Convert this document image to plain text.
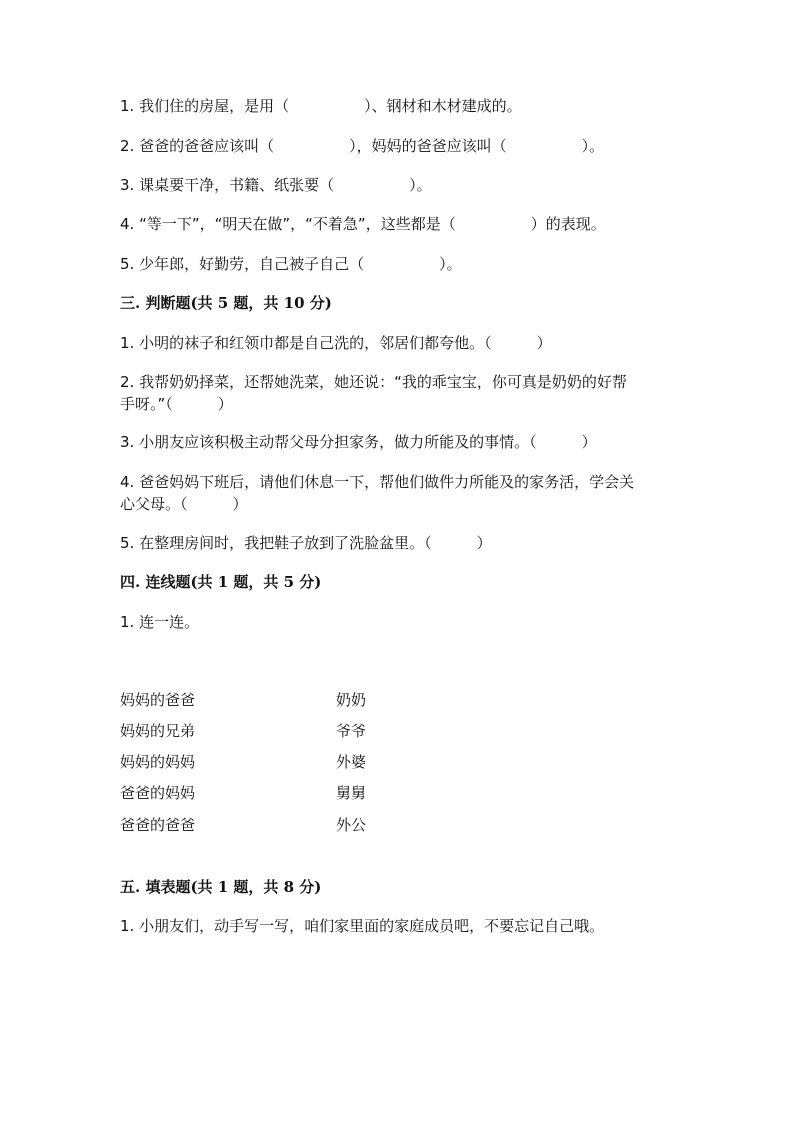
1. 我们住的房屋，是用（　　　　　）、钢材和木材建成的。
2. 爸爸的爸爸应该叫（　　　　　），妈妈的爸爸应该叫（　　　　　）。
3. 课桌要干净，书籍、纸张要（　　　　　）。
4. “等一下”，“明天在做”，“不着急”，这些都是（　　　　　）的表现。
5. 少年郎，好勤劳，自己被子自己（　　　　　）。
三. 判断题(共 5 题，共 10 分)
1. 小明的袜子和红领巾都是自己洗的，邻居们都夸他。（　　　）
2. 我帮奶奶择菜，还帮她洗菜，她还说：“我的乖宝宝，你可真是奶奶的好帮
手呀。”（　　　）
3. 小朋友应该积极主动帮父母分担家务，做力所能及的事情。（　　　）
4. 爸爸妈妈下班后，请他们休息一下，帮他们做件力所能及的家务活，学会关
心父母。（　　　）
5. 在整理房间时，我把鞋子放到了洗脸盆里。（　　　）
四. 连线题(共 1 题，共 5 分)
1. 连一连。
妈妈的爸爸
妈妈的兄弟
妈妈的妈妈
爸爸的妈妈
爸爸的爸爸
奶奶
爷爷
外婆
舅舅
外公
五. 填表题(共 1 题，共 8 分)
1. 小朋友们，动手写一写，咱们家里面的家庭成员吧，不要忘记自己哦。
